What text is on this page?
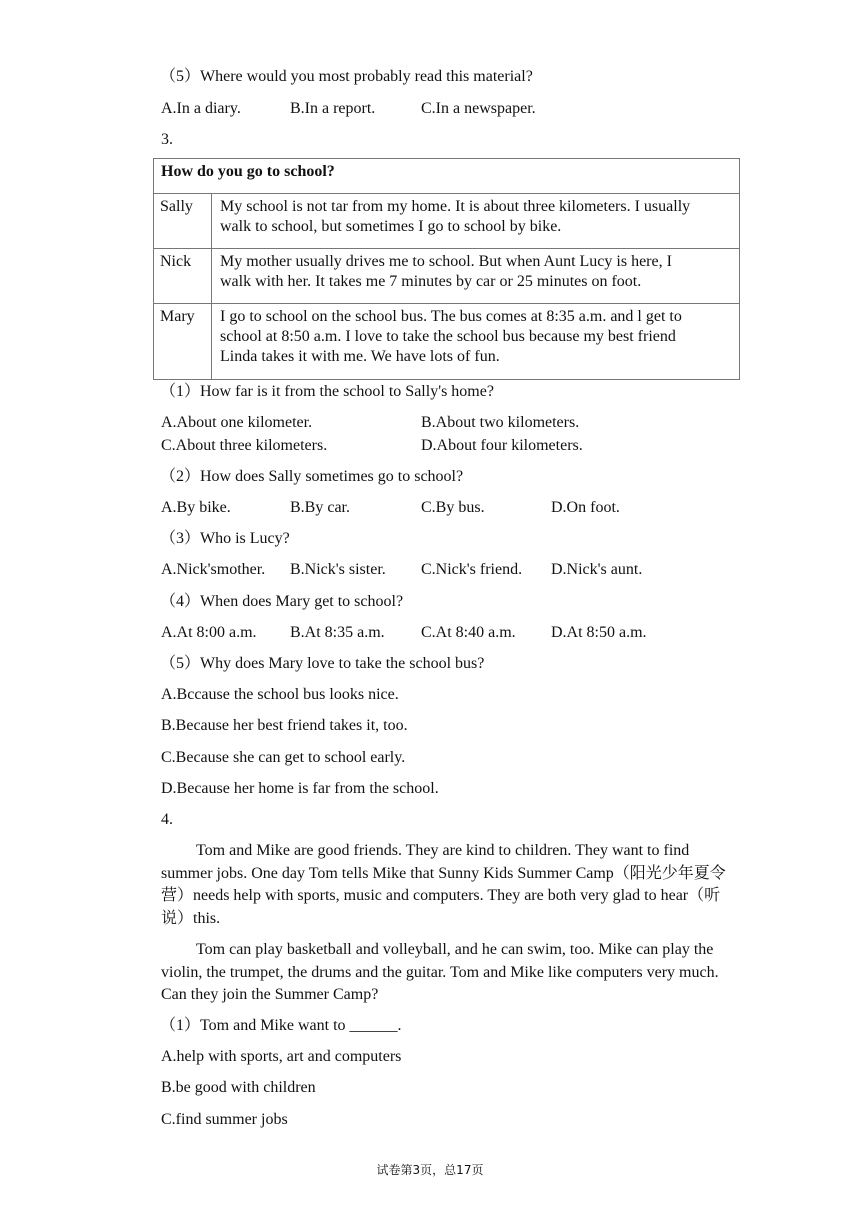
（5）Where would you most probably read this material?
A.In a diary.	B.In a report.	C.In a newspaper.
3.
How do you go to school?	
Sally	My school is not tar from my home. It is about three kilometers. I usually
walk to school, but sometimes I go to school by bike.

Nick	My mother usually drives me to school. But when Aunt Lucy is here, I
walk with her. It takes me 7 minutes by car or 25 minutes on foot.

Mary	I go to school on the school bus. The bus comes at 8:35 a.m. and l get to
school at 8:50 a.m. I love to take the school bus because my best friend
Linda takes it with me. We have lots of fun.
（1）How far is it from the school to Sally's home?
A.About one kilometer.	B.About two kilometers.
C.About three kilometers.	D.About four kilometers.
（2）How does Sally sometimes go to school?
A.By bike.	B.By car.	C.By bus.	D.On foot.
（3）Who is Lucy?
A.Nick'smother. B.Nick's sister. C.Nick's friend. D.Nick's aunt.
（4）When does Mary get to school?
A.At 8:00 a.m. B.At 8:35 a.m. C.At 8:40 a.m. D.At 8:50 a.m.
（5）Why does Mary love to take the school bus?
A.Bccause the school bus looks nice.
B.Because her best friend takes it, too.
C.Because she can get to school early.
D.Because her home is far from the school.
4.
Tom and Mike are good friends. They are kind to children. They want to find summer jobs. One day Tom tells Mike that Sunny Kids Summer Camp（阳光少年夏令营）needs help with sports, music and computers. They are both very glad to hear（听说）this.
Tom can play basketball and volleyball, and he can swim, too. Mike can play the violin, the trumpet, the drums and the guitar. Tom and Mike like computers very much. Can they join the Summer Camp?
（1）Tom and Mike want to ______.
A.help with sports, art and computers
B.be good with children
C.find summer jobs
试卷第3页，总17页
